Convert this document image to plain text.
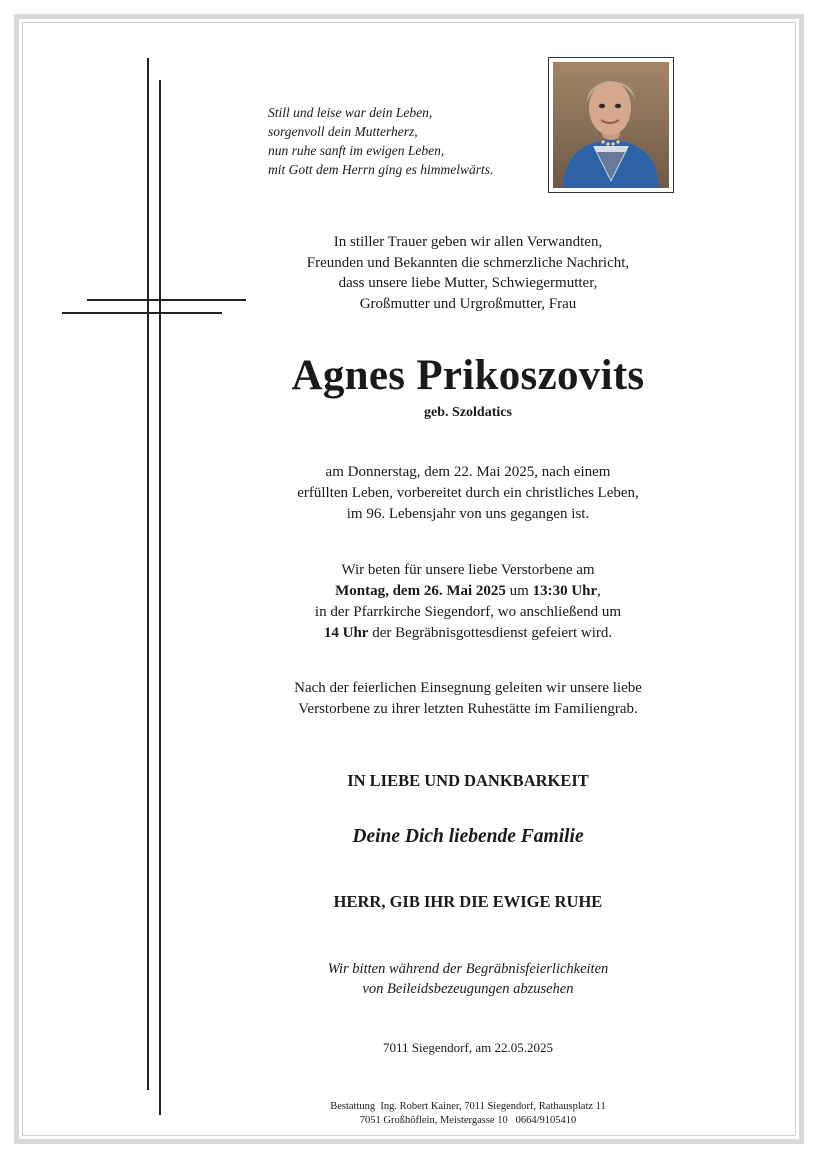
Still und leise war dein Leben,
sorgenvoll dein Mutterherz,
nun ruhe sanft im ewigen Leben,
mit Gott dem Herrn ging es himmelwärts.
In stiller Trauer geben wir allen Verwandten,
Freunden und Bekannten die schmerzliche Nachricht,
dass unsere liebe Mutter, Schwiegermutter,
Großmutter und Urgroßmutter, Frau
Agnes Prikoszovits
geb. Szoldatics
am Donnerstag, dem 22. Mai 2025, nach einem
erfüllten Leben, vorbereitet durch ein christliches Leben,
im 96. Lebensjahr von uns gegangen ist.
Wir beten für unsere liebe Verstorbene am
Montag, dem 26. Mai 2025 um 13:30 Uhr,
in der Pfarrkirche Siegendorf, wo anschließend um
14 Uhr der Begräbnisgottesdienst gefeiert wird.
Nach der feierlichen Einsegnung geleiten wir unsere liebe
Verstorbene zu ihrer letzten Ruhestätte im Familiengrab.
IN LIEBE UND DANKBARKEIT
Deine Dich liebende Familie
HERR, GIB IHR DIE EWIGE RUHE
Wir bitten während der Begräbnisfeierlichkeiten
von Beileidsbezeugungen abzusehen
7011 Siegendorf, am 22.05.2025
Bestattung  Ing. Robert Kainer, 7011 Siegendorf, Rathausplatz 11
7051 Großhöflein, Meistergasse 10   0664/9105410
